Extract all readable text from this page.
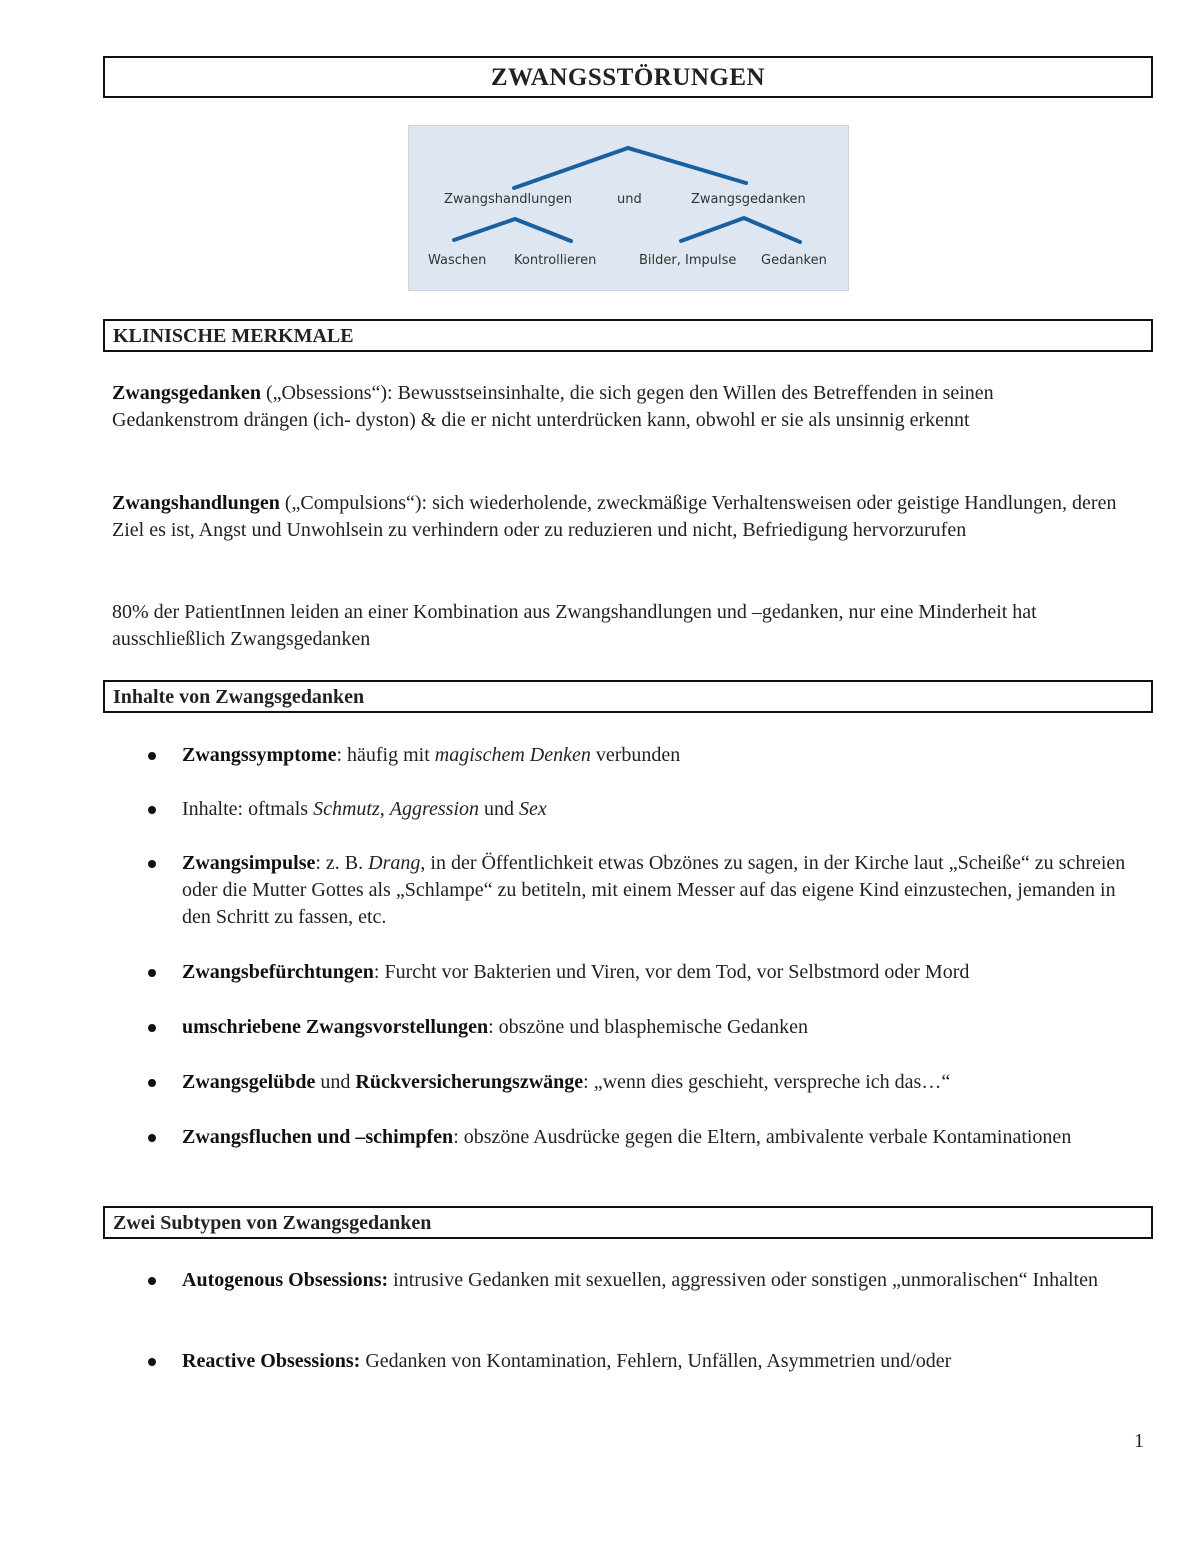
ZWANGSSTÖRUNGEN
Zwangshandlungen	und	Zwangsgedanken
Waschen Kontrollieren	Bilder, Impulse Gedanken
KLINISCHE MERKMALE
Zwangsgedanken („Obsessions“): Bewusstseinsinhalte, die sich gegen den Willen des Betreffenden in seinen Gedankenstrom drängen (ich- dyston) & die er nicht unterdrücken kann, obwohl er sie als unsinnig erkennt
Zwangshandlungen („Compulsions“): sich wiederholende, zweckmäßige Verhaltensweisen oder geistige Handlungen, deren Ziel es ist, Angst und Unwohlsein zu verhindern oder zu reduzieren und nicht, Befriedigung hervorzurufen
80% der PatientInnen leiden an einer Kombination aus Zwangshandlungen und –gedanken, nur eine Minderheit hat ausschließlich Zwangsgedanken
Inhalte von Zwangsgedanken
Zwangssymptome: häufig mit magischem Denken verbunden
Inhalte: oftmals Schmutz, Aggression und Sex
Zwangsimpulse: z. B. Drang, in der Öffentlichkeit etwas Obzönes zu sagen, in der Kirche laut „Scheiße“ zu schreien oder die Mutter Gottes als „Schlampe“ zu betiteln, mit einem Messer auf das eigene Kind einzustechen, jemanden in den Schritt zu fassen, etc.
Zwangsbefürchtungen: Furcht vor Bakterien und Viren, vor dem Tod, vor Selbstmord oder Mord
umschriebene Zwangsvorstellungen: obszöne und blasphemische Gedanken
Zwangsgelübde und Rückversicherungszwänge: „wenn dies geschieht, verspreche ich das…“
Zwangsfluchen und –schimpfen: obszöne Ausdrücke gegen die Eltern, ambivalente verbale Kontaminationen
Zwei Subtypen von Zwangsgedanken
Autogenous Obsessions: intrusive Gedanken mit sexuellen, aggressiven oder sonstigen „unmoralischen“ Inhalten
Reactive Obsessions: Gedanken von Kontamination, Fehlern, Unfällen, Asymmetrien und/oder
1
